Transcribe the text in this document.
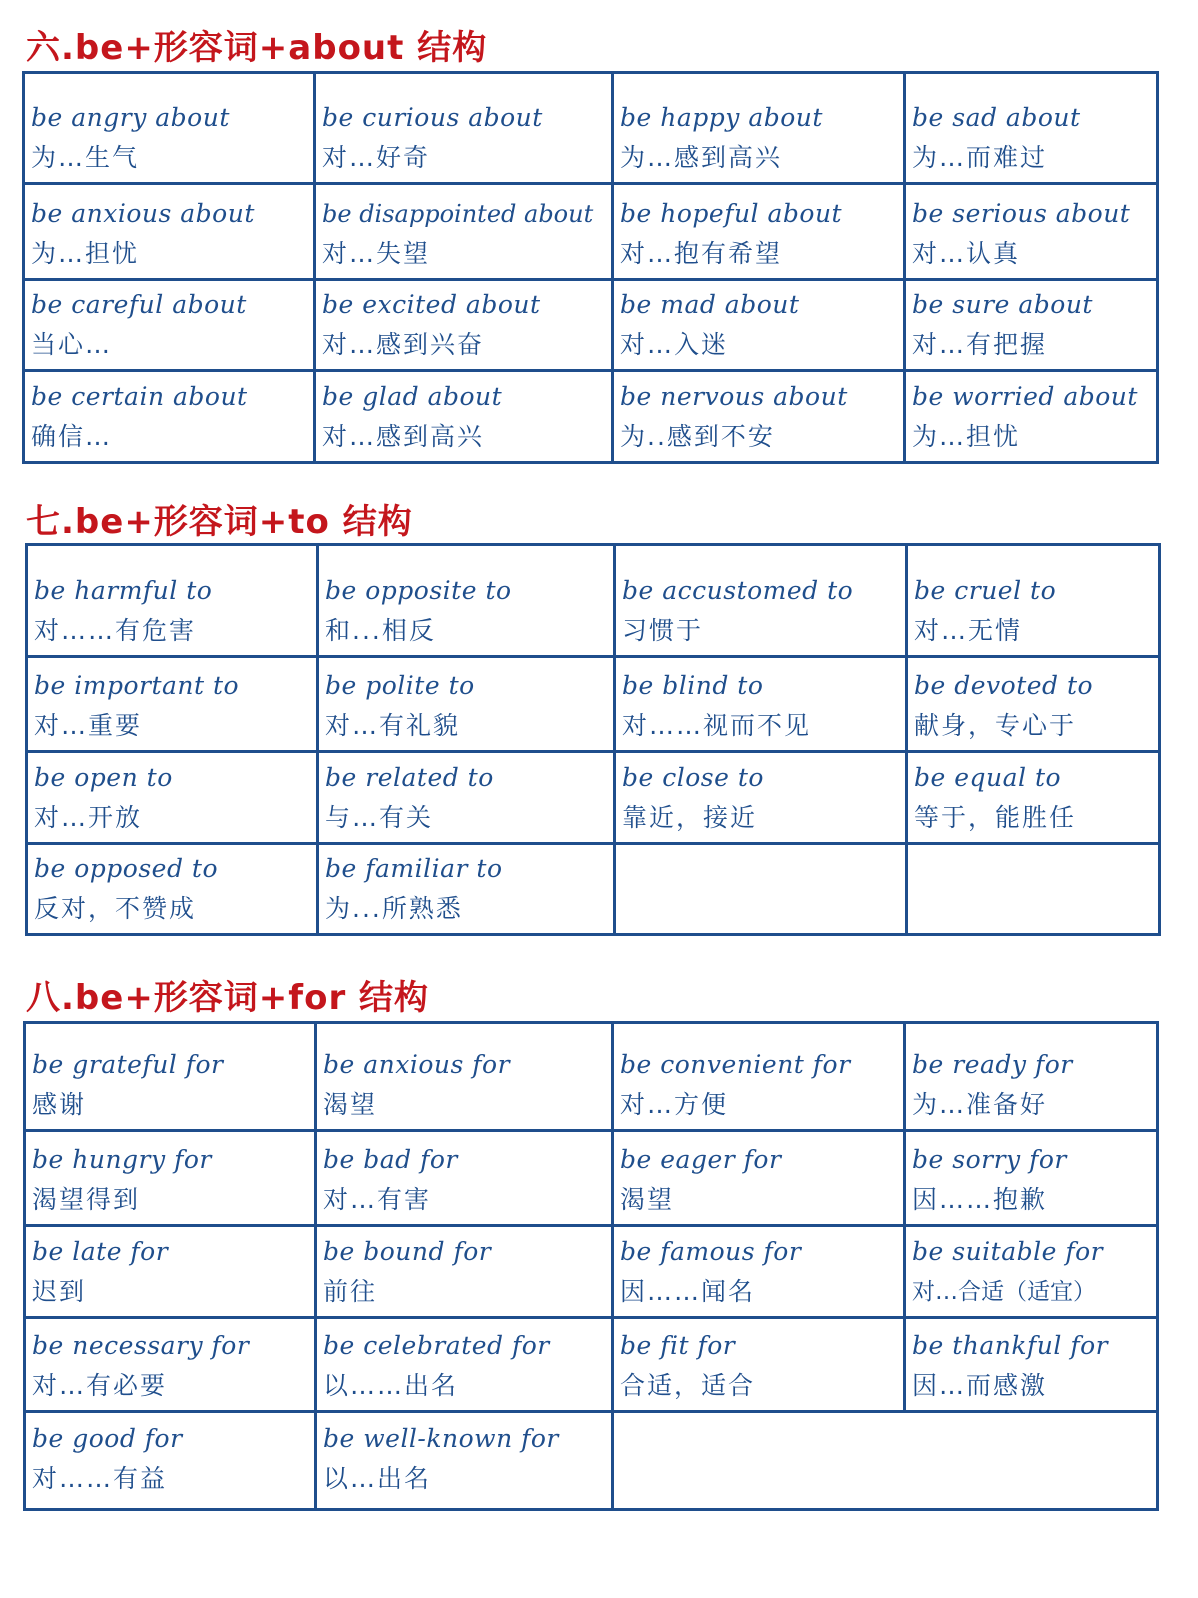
六.be+形容词+about 结构
be angry about
为…生气
be curious about
对…好奇
be happy about
为…感到高兴
be sad about
为…而难过
be anxious about
为…担忧
be disappointed about
对…失望
be hopeful about
对…抱有希望
be serious about
对…认真
be careful about
当心…
be excited about
对…感到兴奋
be mad about
对…入迷
be sure about
对…有把握
be certain about
确信…
be glad about
对…感到高兴
be nervous about
为..感到不安
be worried about
为…担忧
七.be+形容词+to 结构
be harmful to
对……有危害
be opposite to
和...相反
be accustomed to
习惯于
be cruel to
对…无情
be important to
对…重要
be polite to
对…有礼貌
be blind to
对……视而不见
be devoted to
献身，专心于
be open to
对…开放
be related to
与…有关
be close to
靠近，接近
be equal to
等于，能胜任
be opposed to
反对，不赞成
be familiar to
为...所熟悉
八.be+形容词+for 结构
be grateful for
感谢
be anxious for
渴望
be convenient for
对…方便
be ready for
为…准备好
be hungry for
渴望得到
be bad for
对…有害
be eager for
渴望
be sorry for
因……抱歉
be late for
迟到
be bound for
前往
be famous for
因……闻名
be suitable for
对…合适（适宜）
be necessary for
对…有必要
be celebrated for
以……出名
be fit for
合适，适合
be thankful for
因…而感激
be good for
对……有益
be well-known for
以…出名
